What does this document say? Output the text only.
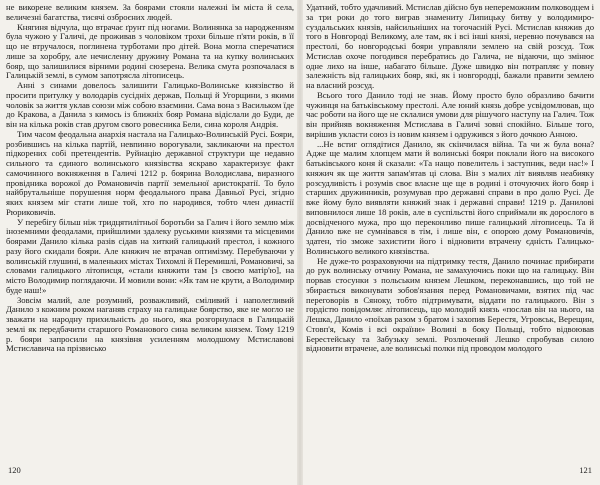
не викорене великим князем. За боярами стояли належні їм міста й села, величезні багатства, тисячі озброєних людей.

Княгиня відчула, що втрачає ґрунт під ногами. Волинянка за народженням була чужою у Галичі, де проживав з чоловіком трохи більше п'яти років, в її що не втручалося, поглинена турботами про дітей. Вона могла сперечатися лише за хоробру, але нечисленну дружину Романа та на купку волинських бояр, що залишилися вірними родині сюзерена. Велика смута розпочалася в Галицькій землі, в сумом запотрясла літописець.

Анні з синами довелось залишити Галицько-Волинське князівство й просити притулку у володарів сусідніх держав, Польщі й Угорщини, з якими чоловік за життя уклав союзи між собою взаємини. Сама вона з Васильком їде до Кракова, а Данила з кимось із ближніх бояр Романа відіслали до Буди, де він на кілька років став другом свого ровесника Бели, сина короля Андрія.

Тим часом феодальна анархія настала на Галицько-Волинській Русі. Бояри, розбившись на кілька партій, невпинно ворогували, закликаючи на престол підкорених собі претендентів. Руйнацію державної структури ще недавно сильного та єдиного волинського князівства яскраво характеризує факт самочинного вокняження в Галичі 1212 р. боярина Володислава, виразного провідника ворожої до Романовичів партії земельної аристократії. То було найбрутальніше порушення норм феодального права Давньої Русі, згідно яких князем міг стати лише той, хто по народився, тобто член династії Рюриковичів.

У перебігу більш ніж тридцятилітньої боротьби за Галич і його землю між іноземними феодалами, прийшлими здалеку руськими князями та місцевими боярами Данило кілька разів сідав на хиткий галицький престол, і кожного разу його скидали бояри. Але княжич не втрачав оптимізму. Перебуваючи у волинській глушині, в маленьких містах Тихомлі й Перемишлі, Романовичі, за словами галицького літописця, «стали княжити там [з своєю матір'ю], на місто Володимир поглядаючи. И мовили вони: «Як там не крути, а Володимир буде наш!»

Зовсім малий, але розумний, розважливий, сміливий і наполегливий Данило з кожним роком наганяв страху на галицьке боярство, яке не могло не зважати на народну прихильність до нього, яка розгорнулася в Галицькій землі як передбачити старшого Романового сина великим князем. Тому 1219 р. бояри запросили на князівня усиленням молодшому Мстиславові Мстиславичa на прізвисько

120

Удатний, тобто удачливий. Мстислав дійсно був непереможним полководцем і за три роки до того виграв знамениту Липицьку битву у володимиро-суздальських князів, найсильніших на тогочасній Русі. Мстислав княжив до того в Новгороді Великому, але там, як і всі інші князі, неревно почувався на престолі, бо новгородські бояри управляли землею на свій розсуд. Тож Мстислав охоче погодився перебратись до Галича, не відаючи, що змінює одне лихо на інше, набагато більше. Дуже швидко він потрапляє у повну залежність від галицьких бояр, які, як і новгородці, бажали правити землею на власний розсуд.

Всього того Данило тоді не знав. Йому просто було образливо бачити чужинця на батьківському престолі. Але юний князь добре усвідомлював, що час роботи на його ще не склалися умови для рішучого наступу на Галич. Тож він прийняв вокняження Мстислава в Галичі зовні спокійно. Більше того, вирішив укласти союз із новим князем і одружився з його дочкою Анною.

...Не встиг оглядітися Данило, як скінчилася війна. Та чи ж була вона? Адже ще малим хлопцем мати й волинські бояри поклали його на високого батьківського коня й сказали: «Та нащо повелитель і заступник, веди нас!» І княжич як ще життя запам'ятав ці слова. Він з малих літ виявляв неабияку розсудливість і розумів своє власне ще ще в родині і оточуючих його бояр і старших дружинників, розумував про державні справи в про долю Русі. Де вже йому було виявляти княжий знак і державні справи! 1219 р. Данилові виповнилося лише 18 років, але в суспільстві його сприймали як дорослого в досвідченого мужа, про що переконливо пише галицький літописець. Та й Данило вже не сумнівався в тім, і лише він, є опорою дому Романовичів, здатен, тіо зможе захистити його і відновити втрачену єдність Галицько-Волинського великого князівства.

Не дуже-то розраховуючи на підтримку тестя, Данило починає прибирати до рук волинську отчину Романа, не замахуючись поки що на галицьку. Він порвав стосунки з польським князем Лешком, переконавшись, що той не збирається виконувати зобов'язання перед Романовичами, взятих під час переговорів в Сяноку, тобто підтримувати, віддати по галицького. Він з гордістю повідомляє літописець, що молодий князь «послав він на нього, на Лешка, Данило «поїхав разом з братом і захопив Берестя, Угровськ, Верещин, Стовп'я, Комів і всі окраїни» Волині в боку Польщі, тобто відвоював Берестейську та Забузьку землі. Розлючений Лешко спробував силою відновити втрачене, але волинські полки під проводом молодого

121
